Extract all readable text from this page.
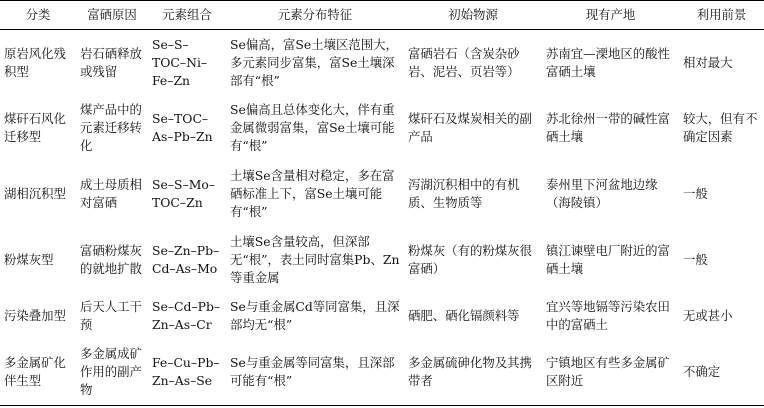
分类	富硒原因	元素组合	元素分布特征	初始物源	现有产地	利用前景
原岩风化残积型	岩石硒释放或残留	Se–S–TOC–Ni–Fe–Zn	Se偏高，富Se土壤区范围大，多元素同步富集，富Se土壤深部有“根”	富硒岩石（含炭杂砂岩、泥岩、页岩等）	苏南宜—溧地区的酸性富硒土壤	相对最大
煤矸石风化迁移型	煤产品中的元素迁移转化	Se–TOC–As–Pb–Zn	Se偏高且总体变化大，伴有重金属微弱富集，富Se土壤可能有“根”	煤矸石及煤炭相关的副产品	苏北徐州一带的碱性富硒土壤	较大，但有不确定因素
湖相沉积型	成土母质相对富硒	Se–S–Mo–TOC–Zn	土壤Se含量相对稳定，多在富硒标准上下，富Se土壤可能有“根”	泻湖沉积相中的有机质、生物质等	泰州里下河盆地边缘（海陵镇）	一般
粉煤灰型	富硒粉煤灰的就地扩散	Se–Zn–Pb–Cd–As–Mo	土壤Se含量较高，但深部无“根”，表土同时富集Pb、Zn等重金属	粉煤灰（有的粉煤灰很富硒）	镇江谏壁电厂附近的富硒土壤	一般
污染叠加型	后天人工干预	Se–Cd–Pb–Zn–As–Cr	Se与重金属Cd等同富集，且深部均无“根”	硒肥、硒化镉颜料等	宜兴等地镉等污染农田中的富硒土	无或甚小
多金属矿化伴生型	多金属成矿作用的副产物	Fe–Cu–Pb–Zn–As–Se	Se与重金属等同富集，且深部可能有“根”	多金属硫砷化物及其携带者	宁镇地区有些多金属矿区附近	不确定
